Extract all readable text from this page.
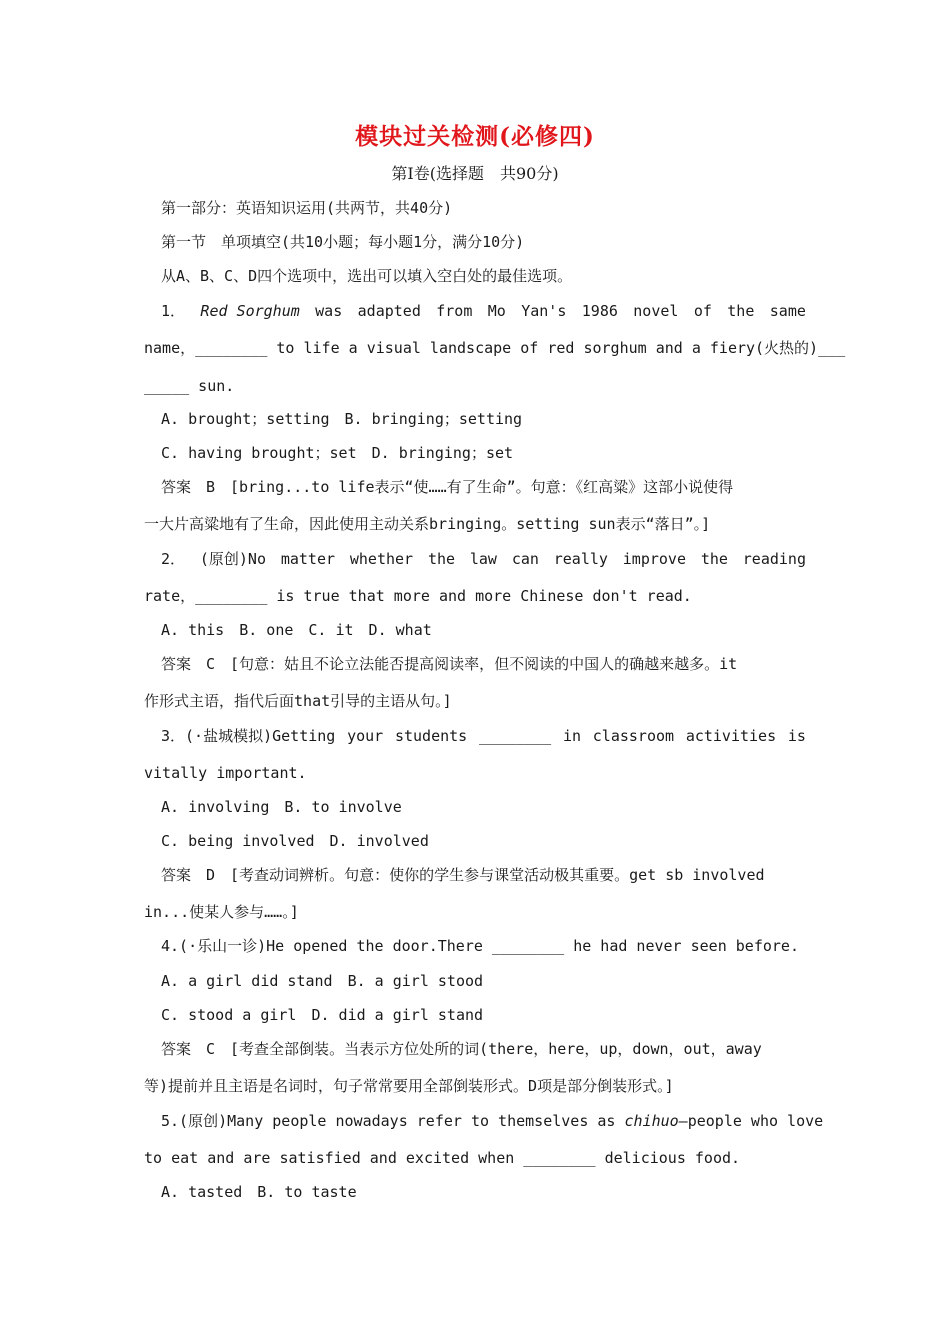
模块过关检测(必修四)
第Ⅰ卷(选择题　共90分)
第一部分：英语知识运用(共两节，共40分)
第一节　单项填空(共10小题；每小题1分，满分10分)
从A、B、C、D四个选项中，选出可以填入空白处的最佳选项。
1． Red Sorghum was adapted from Mo Yan's 1986 novel of the same
name，________ to life a visual landscape of red sorghum and a fiery(火热的)___
_____ sun.
A. brought；setting　B. bringing；setting
C. having brought；set　D. bringing；set
答案　B　[bring...to life表示“使……有了生命”。句意：《红高粱》这部小说使得
一大片高粱地有了生命，因此使用主动关系bringing。setting sun表示“落日”。]
2． (原创)No matter whether the law can really improve the reading
rate，________ is true that more and more Chinese don't read.
A. this　B. one　C. it　D. what
答案　C　[句意：姑且不论立法能否提高阅读率，但不阅读的中国人的确越来越多。it
作形式主语，指代后面that引导的主语从句。]
3．(·盐城模拟)Getting your students ________ in classroom activities is
vitally important.
A. involving　B. to involve
C. being involved　D. involved
答案　D　[考查动词辨析。句意：使你的学生参与课堂活动极其重要。get sb involved
in...使某人参与……。]
4.(·乐山一诊)He opened the door.There ________ he had never seen before.
A. a girl did stand　B. a girl stood
C. stood a girl　D. did a girl stand
答案　C　[考查全部倒装。当表示方位处所的词(there，here，up，down，out，away
等)提前并且主语是名词时，句子常常要用全部倒装形式。D项是部分倒装形式。]
5.(原创)Many people nowadays refer to themselves as chihuo—people who love
to eat and are satisfied and excited when ________ delicious food.
A. tasted　B. to taste
